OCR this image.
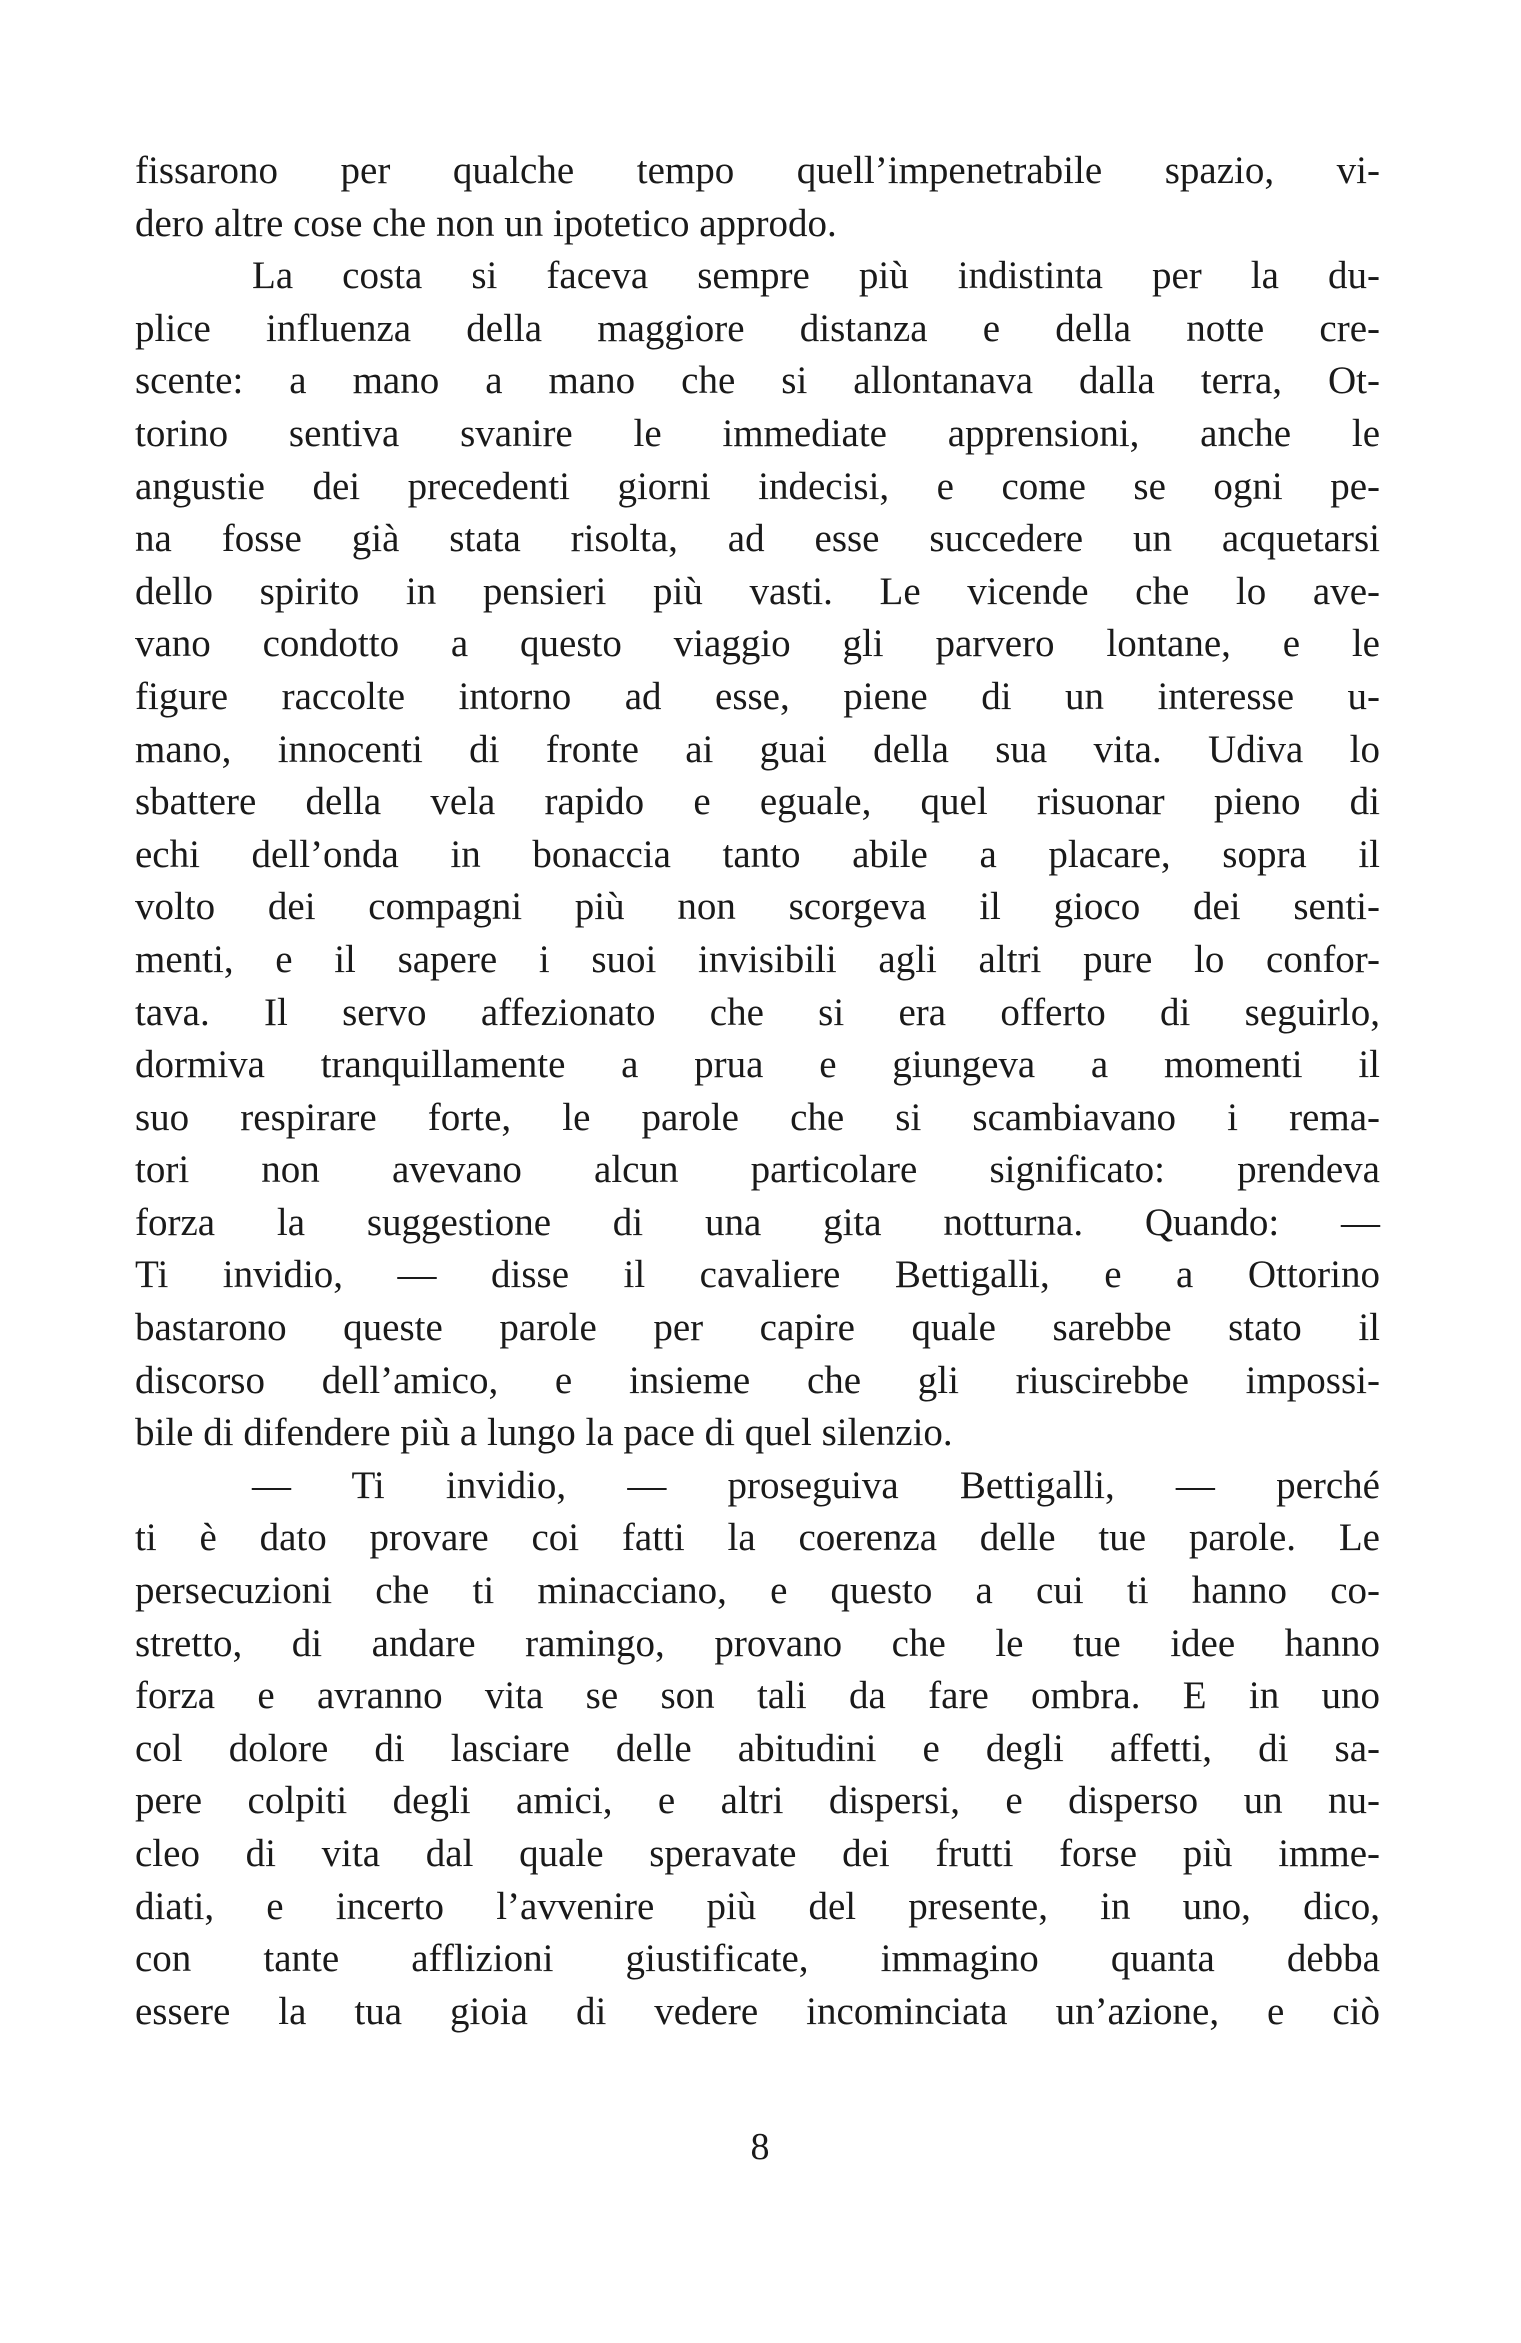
fissarono per qualche tempo quell’impenetrabile spazio, vi-
dero altre cose che non un ipotetico approdo.
   La costa si faceva sempre più indistinta per la du-
plice influenza della maggiore distanza e della notte cre-
scente: a mano a mano che si allontanava dalla terra, Ot-
torino sentiva svanire le immediate apprensioni, anche le
angustie dei precedenti giorni indecisi, e come se ogni pe-
na fosse già stata risolta, ad esse succedere un acquetarsi
dello spirito in pensieri più vasti. Le vicende che lo ave-
vano condotto a questo viaggio gli parvero lontane, e le
figure raccolte intorno ad esse, piene di un interesse u-
mano, innocenti di fronte ai guai della sua vita. Udiva lo
sbattere della vela rapido e eguale, quel risuonar pieno di
echi dell’onda in bonaccia tanto abile a placare, sopra il
volto dei compagni più non scorgeva il gioco dei senti-
menti, e il sapere i suoi invisibili agli altri pure lo confor-
tava. Il servo affezionato che si era offerto di seguirlo,
dormiva tranquillamente a prua e giungeva a momenti il
suo respirare forte, le parole che si scambiavano i rema-
tori non avevano alcun particolare significato: prendeva
forza la suggestione di una gita notturna. Quando: —
Ti invidio, — disse il cavaliere Bettigalli, e a Ottorino
bastarono queste parole per capire quale sarebbe stato il
discorso dell’amico, e insieme che gli riuscirebbe impossi-
bile di difendere più a lungo la pace di quel silenzio.
   — Ti invidio, — proseguiva Bettigalli, — perché
ti è dato provare coi fatti la coerenza delle tue parole. Le
persecuzioni che ti minacciano, e questo a cui ti hanno co-
stretto, di andare ramingo, provano che le tue idee hanno
forza e avranno vita se son tali da fare ombra. E in uno
col dolore di lasciare delle abitudini e degli affetti, di sa-
pere colpiti degli amici, e altri dispersi, e disperso un nu-
cleo di vita dal quale speravate dei frutti forse più imme-
diati, e incerto l’avvenire più del presente, in uno, dico,
con tante afflizioni giustificate, immagino quanta debba
essere la tua gioia di vedere incominciata un’azione, e ciò
8
